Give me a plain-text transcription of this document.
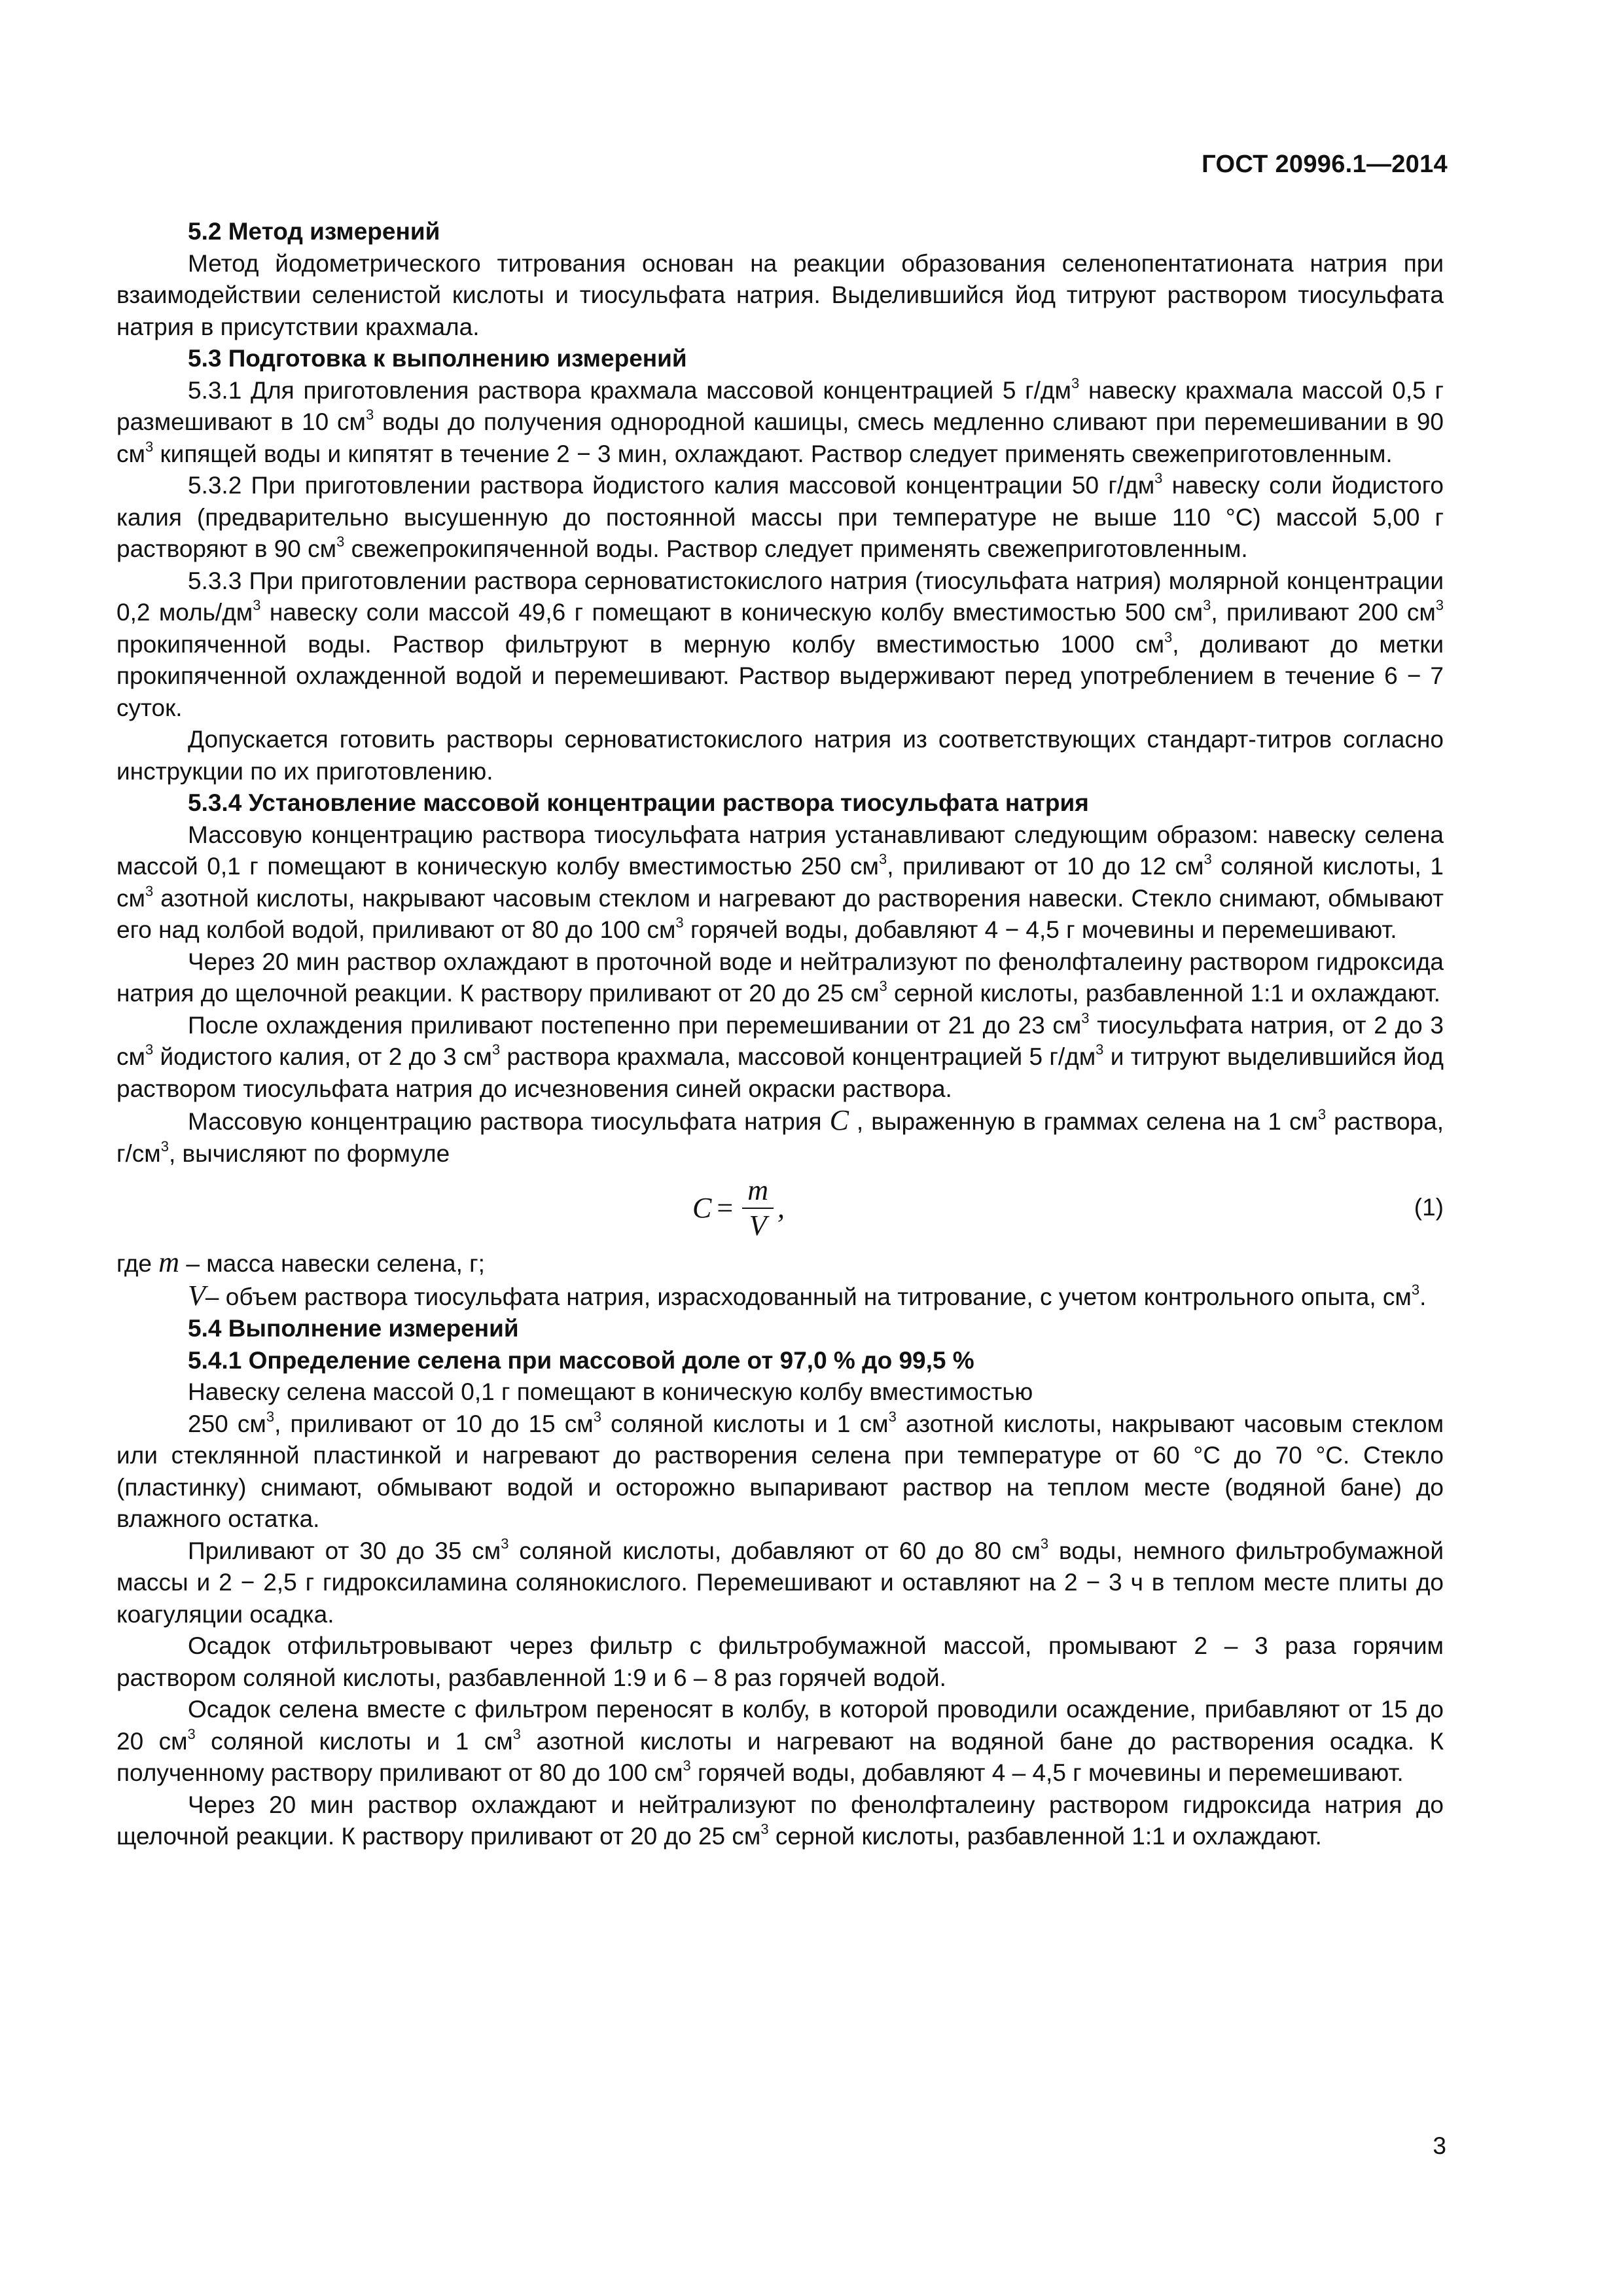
ГОСТ 20996.1—2014

5.2 Метод измерений

Метод йодометрического титрования основан на реакции образования селенопентатионата натрия при взаимодействии селенистой кислоты и тиосульфата натрия. Выделившийся йод титруют раствором тиосульфата натрия в присутствии крахмала.

5.3 Подготовка к выполнению измерений

5.3.1 Для приготовления раствора крахмала массовой концентрацией 5 $г/дм^3$ навеску крахмала массой 0,5 г размешивают в 10 $см^3$ воды до получения однородной кашицы, смесь медленно сливают при перемешивании в 90 $см^3$ кипящей воды и кипятят в течение 2 − 3 мин, охлаждают. Раствор следует применять свежеприготовленным.

5.3.2 При приготовлении раствора йодистого калия массовой концентрации 50 $г/дм^3$ навеску соли йодистого калия (предварительно высушенную до постоянной массы при температуре не выше 110 °С) массой 5,00 г растворяют в 90 $см^3$ свежепрокипяченной воды. Раствор следует применять свежеприготовленным.

5.3.3 При приготовлении раствора серноватистокислого натрия (тиосульфата натрия) молярной концентрации 0,2 моль/$дм^3$ навеску соли массой 49,6 г помещают в коническую колбу вместимостью 500 $см^3$, приливают 200 $см^3$ прокипяченной воды. Раствор фильтруют в мерную колбу вместимостью 1000 $см^3$, доливают до метки прокипяченной охлажденной водой и перемешивают. Раствор выдерживают перед употреблением в течение 6 − 7 суток.

Допускается готовить растворы серноватистокислого натрия из соответствующих стандарт-титров согласно инструкции по их приготовлению.

5.3.4 Установление массовой концентрации раствора тиосульфата натрия

Массовую концентрацию раствора тиосульфата натрия устанавливают следующим образом: навеску селена массой 0,1 г помещают в коническую колбу вместимостью 250 $см^3$, приливают от 10 до 12 $см^3$ соляной кислоты, 1 $см^3$ азотной кислоты, накрывают часовым стеклом и нагревают до растворения навески. Стекло снимают, обмывают его над колбой водой, приливают от 80 до 100 $см^3$ горячей воды, добавляют 4 − 4,5 г мочевины и перемешивают.

Через 20 мин раствор охлаждают в проточной воде и нейтрализуют по фенолфталеину раствором гидроксида натрия до щелочной реакции. К раствору приливают от 20 до 25 $см^3$ серной кислоты, разбавленной 1:1 и охлаждают.

После охлаждения приливают постепенно при перемешивании от 21 до 23 $см^3$ тиосульфата натрия, от 2 до 3 $см^3$ йодистого калия, от 2 до 3 $см^3$ раствора крахмала, массовой концентрацией 5 $г/дм^3$ и титруют выделившийся йод раствором тиосульфата натрия до исчезновения синей окраски раствора.

Массовую концентрацию раствора тиосульфата натрия C , выраженную в граммах селена на 1 $см^3$ раствора, $г/см^3$, вычисляют по формуле

$C = \frac{m}{V}$ ,	(1)

где m – масса навески селена, г;

V– объем раствора тиосульфата натрия, израсходованный на титрование, с учетом контрольного опыта, $см^3$.

5.4 Выполнение измерений

5.4.1 Определение селена при массовой доле от 97,0 % до 99,5 %

Навеску селена массой 0,1 г помещают в коническую колбу вместимостью

250 $см^3$, приливают от 10 до 15 $см^3$ соляной кислоты и 1 $см^3$ азотной кислоты, накрывают часовым стеклом или стеклянной пластинкой и нагревают до растворения селена при температуре от 60 °С до 70 °С. Стекло (пластинку) снимают, обмывают водой и осторожно выпаривают раствор на теплом месте (водяной бане) до влажного остатка.

Приливают от 30 до 35 $см^3$ соляной кислоты, добавляют от 60 до 80 $см^3$ воды, немного фильтробумажной массы и 2 − 2,5 г гидроксиламина солянокислого. Перемешивают и оставляют на 2 − 3 ч в теплом месте плиты до коагуляции осадка.

Осадок отфильтровывают через фильтр с фильтробумажной массой, промывают 2 – 3 раза горячим раствором соляной кислоты, разбавленной 1:9 и 6 – 8 раз горячей водой.

Осадок селена вместе с фильтром переносят в колбу, в которой проводили осаждение, прибавляют от 15 до 20 $см^3$ соляной кислоты и 1 $см^3$ азотной кислоты и нагревают на водяной бане до растворения осадка. К полученному раствору приливают от 80 до 100 $см^3$ горячей воды, добавляют 4 – 4,5 г мочевины и перемешивают.

Через 20 мин раствор охлаждают и нейтрализуют по фенолфталеину раствором гидроксида натрия до щелочной реакции. К раствору приливают от 20 до 25 $см^3$ серной кислоты, разбавленной 1:1 и охлаждают.

3
